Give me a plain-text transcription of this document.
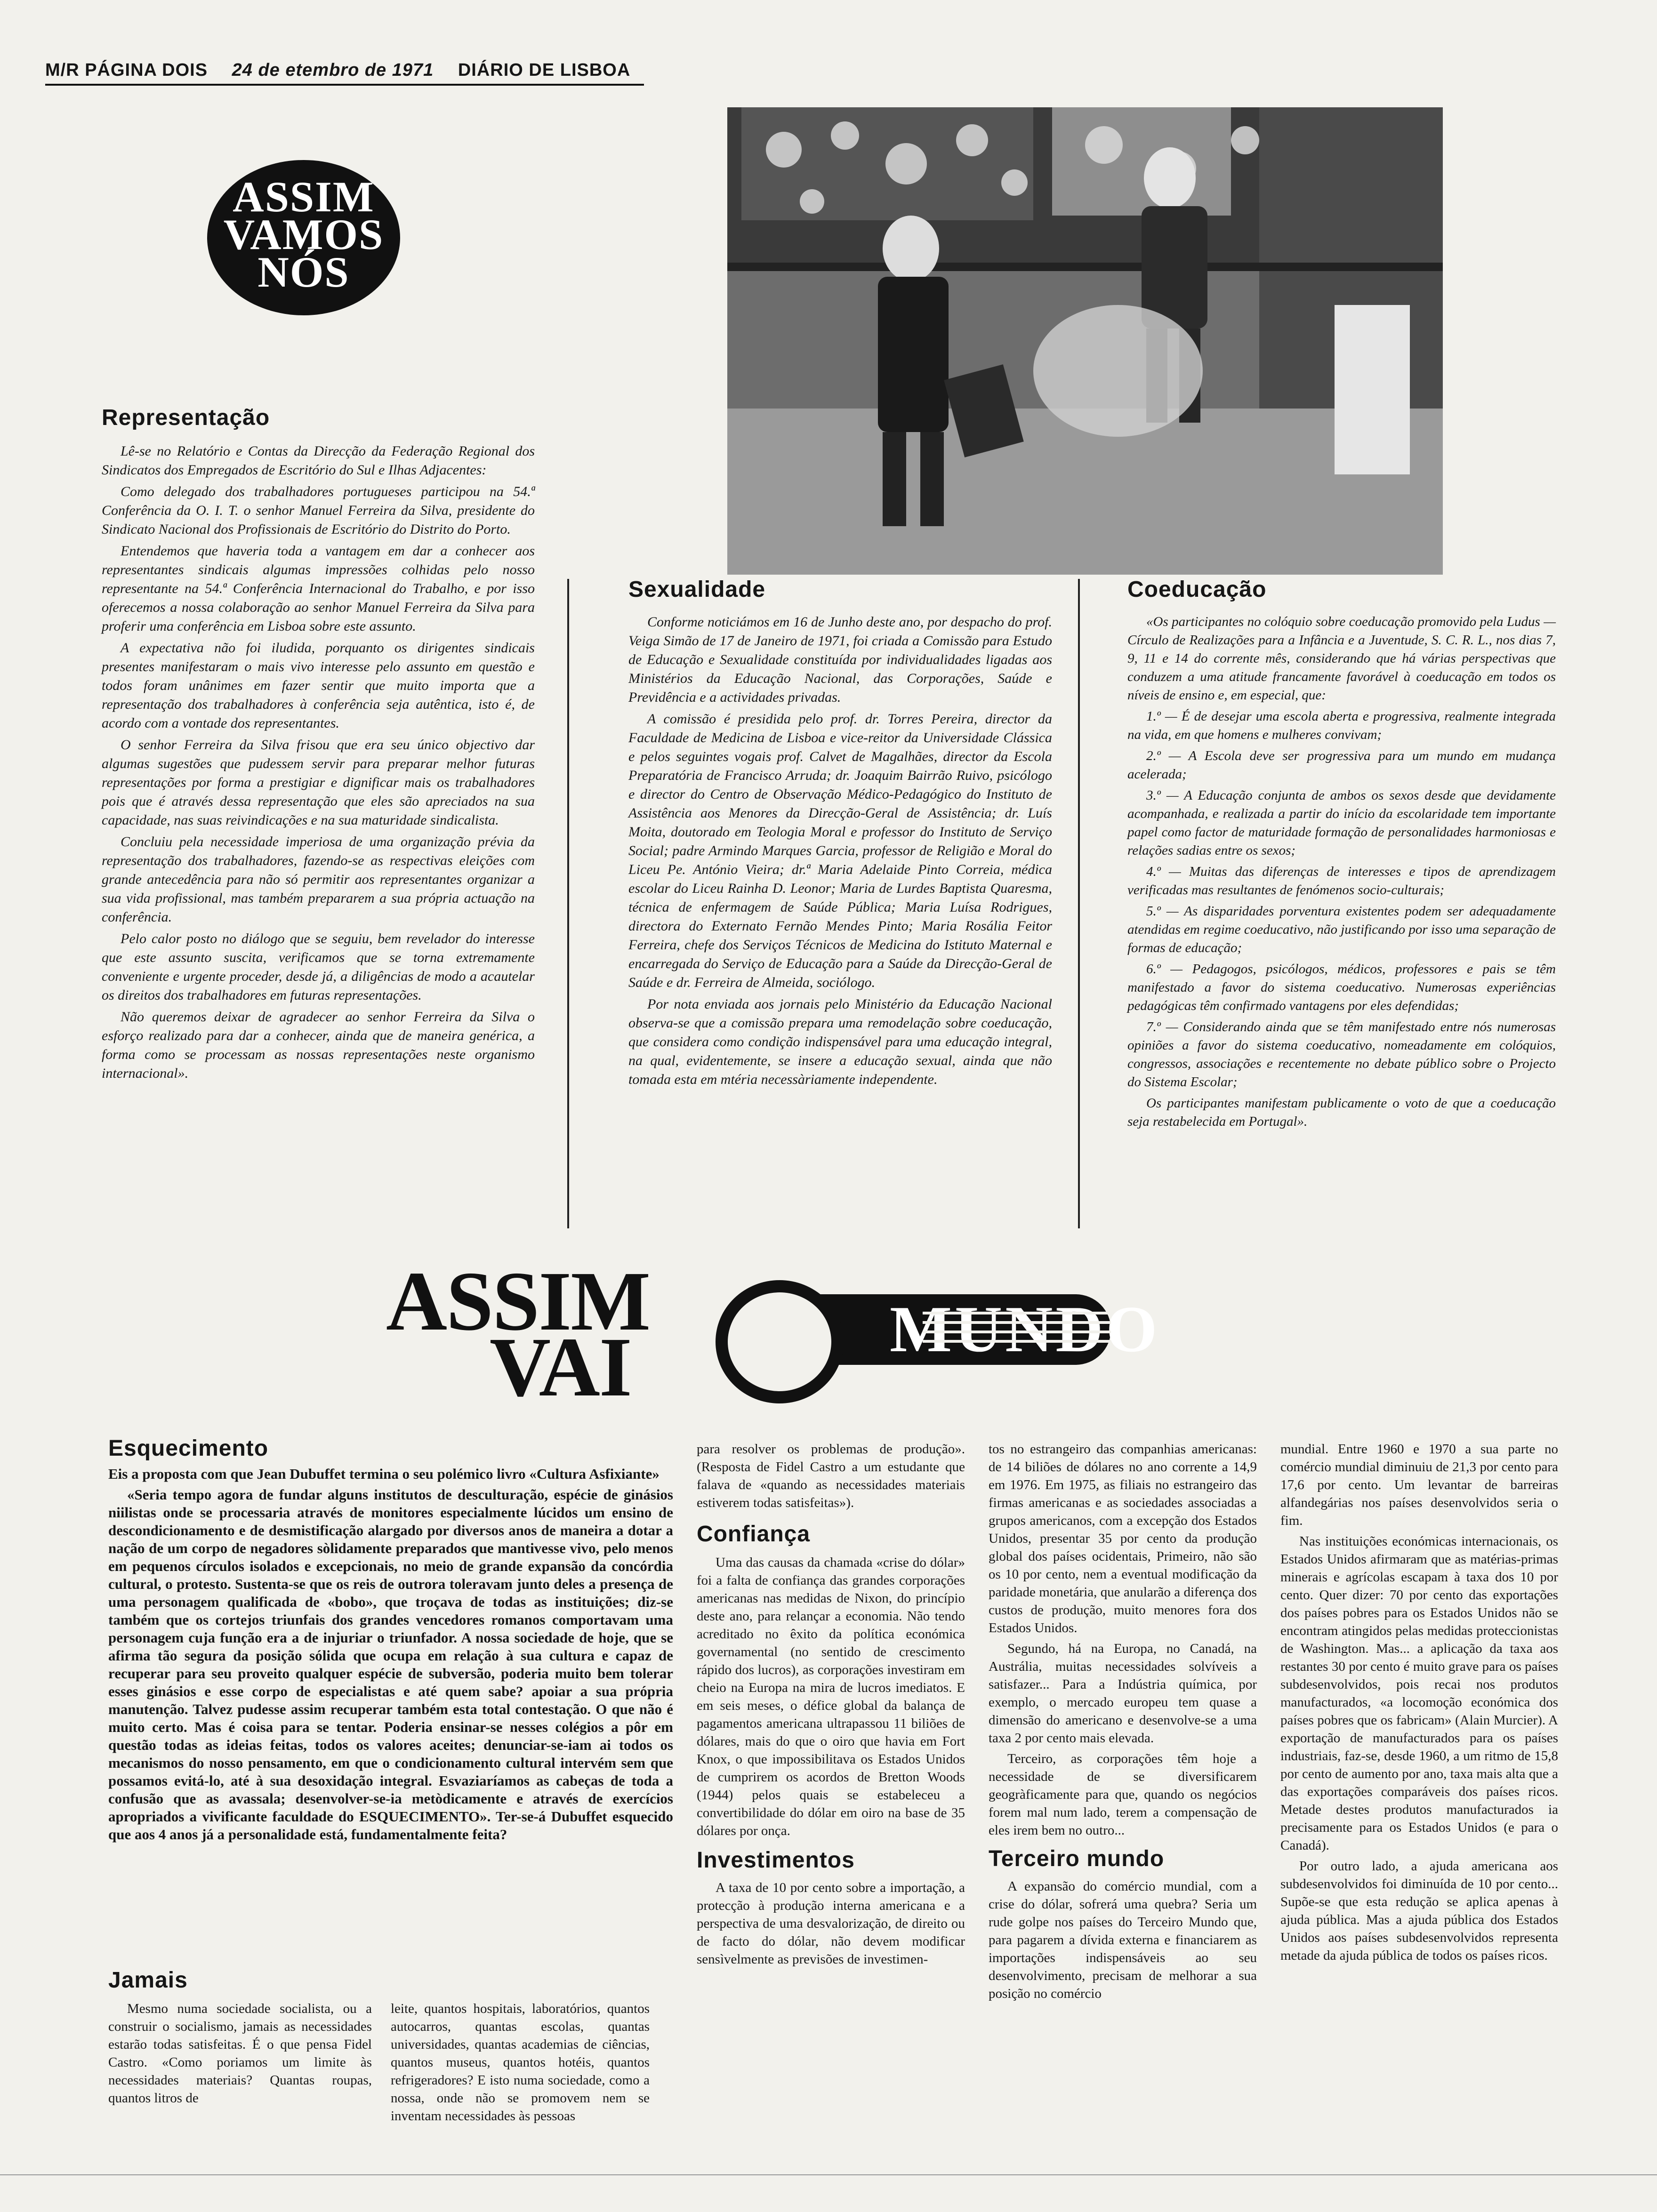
M/R PÁGINA DOIS 24 de etembro de 1971 DIÁRIO DE LISBOA
ASSIM
VAMOS
NÓS
Representação

Lê-se no Relatório e Contas da Direcção da Federação Regional dos Sindicatos dos Empregados de Escritório do Sul e Ilhas Adjacentes:

Como delegado dos trabalhadores portugueses participou na 54.ª Conferência da O. I. T. o senhor Manuel Ferreira da Silva, presidente do Sindicato Nacional dos Profissionais de Escritório do Distrito do Porto.

Entendemos que haveria toda a vantagem em dar a conhecer aos representantes sindicais algumas impressões colhidas pelo nosso representante na 54.ª Conferência Internacional do Trabalho, e por isso oferecemos a nossa colaboração ao senhor Manuel Ferreira da Silva para proferir uma conferência em Lisboa sobre este assunto.

A expectativa não foi iludida, porquanto os dirigentes sindicais presentes manifestaram o mais vivo interesse pelo assunto em questão e todos foram unânimes em fazer sentir que muito importa que a representação dos trabalhadores à conferência seja autêntica, isto é, de acordo com a vontade dos representantes.

O senhor Ferreira da Silva frisou que era seu único objectivo dar algumas sugestões que pudessem servir para preparar melhor futuras representações por forma a prestigiar e dignificar mais os trabalhadores pois que é através dessa representação que eles são apreciados na sua capacidade, nas suas reivindicações e na sua maturidade sindicalista.

Concluiu pela necessidade imperiosa de uma organização prévia da representação dos trabalhadores, fazendo-se as respectivas eleições com grande antecedência para não só permitir aos representantes organizar a sua vida profissional, mas também prepararem a sua própria actuação na conferência.

Pelo calor posto no diálogo que se seguiu, bem revelador do interesse que este assunto suscita, verificamos que se torna extremamente conveniente e urgente proceder, desde já, a diligências de modo a acautelar os direitos dos trabalhadores em futuras representações.

Não queremos deixar de agradecer ao senhor Ferreira da Silva o esforço realizado para dar a conhecer, ainda que de maneira genérica, a forma como se processam as nossas representações neste organismo internacional».

Sexualidade

Conforme noticiámos em 16 de Junho deste ano, por despacho do prof. Veiga Simão de 17 de Janeiro de 1971, foi criada a Comissão para Estudo de Educação e Sexualidade constituída por individualidades ligadas aos Ministérios da Educação Nacional, das Corporações, Saúde e Previdência e a actividades privadas.

A comissão é presidida pelo prof. dr. Torres Pereira, director da Faculdade de Medicina de Lisboa e vice-reitor da Universidade Clássica e pelos seguintes vogais prof. Calvet de Magalhães, director da Escola Preparatória de Francisco Arruda; dr. Joaquim Bairrão Ruivo, psicólogo e director do Centro de Observação Médico-Pedagógico do Instituto de Assistência aos Menores da Direcção-Geral de Assistência; dr. Luís Moita, doutorado em Teologia Moral e professor do Instituto de Serviço Social; padre Armindo Marques Garcia, professor de Religião e Moral do Liceu Pe. António Vieira; dr.ª Maria Adelaide Pinto Correia, médica escolar do Liceu Rainha D. Leonor; Maria de Lurdes Baptista Quaresma, técnica de enfermagem de Saúde Pública; Maria Luísa Rodrigues, directora do Externato Fernão Mendes Pinto; Maria Rosália Feitor Ferreira, chefe dos Serviços Técnicos de Medicina do Istituto Maternal e encarregada do Serviço de Educação para a Saúde da Direcção-Geral de Saúde e dr. Ferreira de Almeida, sociólogo.

Por nota enviada aos jornais pelo Ministério da Educação Nacional observa-se que a comissão prepara uma remodelação sobre coeducação, que considera como condição indispensável para uma educação integral, na qual, evidentemente, se insere a educação sexual, ainda que não tomada esta em mtéria necessàriamente independente.

Coeducação

«Os participantes no colóquio sobre coeducação promovido pela Ludus — Círculo de Realizações para a Infância e a Juventude, S. C. R. L., nos dias 7, 9, 11 e 14 do corrente mês, considerando que há várias perspectivas que conduzem a uma atitude francamente favorável à coeducação em todos os níveis de ensino e, em especial, que:

1.º — É de desejar uma escola aberta e progressiva, realmente integrada na vida, em que homens e mulheres convivam;

2.º — A Escola deve ser progressiva para um mundo em mudança acelerada;

3.º — A Educação conjunta de ambos os sexos desde que devidamente acompanhada, e realizada a partir do início da escolaridade tem importante papel como factor de maturidade formação de personalidades harmoniosas e relações sadias entre os sexos;

4.º — Muitas das diferenças de interesses e tipos de aprendizagem verificadas mas resultantes de fenómenos socio-culturais;

5.º — As disparidades porventura existentes podem ser adequadamente atendidas em regime coeducativo, não justificando por isso uma separação de formas de educação;

6.º — Pedagogos, psicólogos, médicos, professores e pais se têm manifestado a favor do sistema coeducativo. Numerosas experiências pedagógicas têm confirmado vantagens por eles defendidas;

7.º — Considerando ainda que se têm manifestado entre nós numerosas opiniões a favor do sistema coeducativo, nomeadamente em colóquios, congressos, associações e recentemente no debate público sobre o Projecto do Sistema Escolar;

Os participantes manifestam publicamente o voto de que a coeducação seja restabelecida em Portugal».

ASSIM
VAI	MUNDO
Esquecimento

Eis a proposta com que Jean Dubuffet termina o seu polémico livro «Cultura Asfixiante»

«Seria tempo agora de fundar alguns institutos de desculturação, espécie de ginásios niilistas onde se processaria através de monitores especialmente lúcidos um ensino de descondicionamento e de desmistificação alargado por diversos anos de maneira a dotar a nação de um corpo de negadores sòlidamente preparados que mantivesse vivo, pelo menos em pequenos círculos isolados e excepcionais, no meio de grande expansão da concórdia cultural, o protesto. Sustenta-se que os reis de outrora toleravam junto deles a presença de uma personagem qualificada de «bobo», que troçava de todas as instituições; diz-se também que os cortejos triunfais dos grandes vencedores romanos comportavam uma personagem cuja função era a de injuriar o triunfador. A nossa sociedade de hoje, que se afirma tão segura da posição sólida que ocupa em relação à sua cultura e capaz de recuperar para seu proveito qualquer espécie de subversão, poderia muito bem tolerar esses ginásios e esse corpo de especialistas e até quem sabe? apoiar a sua própria manutenção. Talvez pudesse assim recuperar também esta total contestação. O que não é muito certo. Mas é coisa para se tentar. Poderia ensinar-se nesses colégios a pôr em questão todas as ideias feitas, todos os valores aceites; denunciar-se-iam ai todos os mecanismos do nosso pensamento, em que o condicionamento cultural intervém sem que possamos evitá-lo, até à sua desoxidação integral. Esvaziaríamos as cabeças de toda a confusão que as avassala; desenvolver-se-ia metòdicamente e através de exercícios apropriados a vivificante faculdade do ESQUECIMENTO». Ter-se-á Dubuffet esquecido que aos 4 anos já a personalidade está, fundamentalmente feita?

Jamais

Mesmo numa sociedade socialista, ou a construir o socialismo, jamais as necessidades estarão todas satisfeitas. É o que pensa Fidel Castro. «Como poriamos um limite às necessidades materiais? Quantas roupas, quantos litros de

leite, quantos hospitais, laboratórios, quantos autocarros, quantas escolas, quantas universidades, quantas academias de ciências, quantos museus, quantos hotéis, quantos refrigeradores? E isto numa sociedade, como a nossa, onde não se promovem nem se inventam necessidades às pessoas

para resolver os problemas de produção». (Resposta de Fidel Castro a um estudante que falava de «quando as necessidades materiais estiverem todas satisfeitas»).

Confiança

Uma das causas da chamada «crise do dólar» foi a falta de confiança das grandes corporações americanas nas medidas de Nixon, do princípio deste ano, para relançar a economia. Não tendo acreditado no êxito da política económica governamental (no sentido de crescimento rápido dos lucros), as corporações investiram em cheio na Europa na mira de lucros imediatos. E em seis meses, o défice global da balança de pagamentos americana ultrapassou 11 biliões de dólares, mais do que o oiro que havia em Fort Knox, o que impossibilitava os Estados Unidos de cumprirem os acordos de Bretton Woods (1944) pelos quais se estabeleceu a convertibilidade do dólar em oiro na base de 35 dólares por onça.

Investimentos

A taxa de 10 por cento sobre a importação, a protecção à produção interna americana e a perspectiva de uma desvalorização, de direito ou de facto do dólar, não devem modificar sensìvelmente as previsões de investimen-

tos no estrangeiro das companhias americanas: de 14 biliões de dólares no ano corrente a 14,9 em 1976. Em 1975, as filiais no estrangeiro das firmas americanas e as sociedades associadas a grupos americanos, com a excepção dos Estados Unidos, presentar 35 por cento da produção global dos países ocidentais, Primeiro, não são os 10 por cento, nem a eventual modificação da paridade monetária, que anularão a diferença dos custos de produção, muito menores fora dos Estados Unidos.

Segundo, há na Europa, no Canadá, na Austrália, muitas necessidades solvíveis a satisfazer... Para a Indústria química, por exemplo, o mercado europeu tem quase a dimensão do americano e desenvolve-se a uma taxa 2 por cento mais elevada.

Terceiro, as corporações têm hoje a necessidade de se diversificarem geogràficamente para que, quando os negócios forem mal num lado, terem a compensação de eles irem bem no outro...

Terceiro mundo

A expansão do comércio mundial, com a crise do dólar, sofrerá uma quebra? Seria um rude golpe nos países do Terceiro Mundo que, para pagarem a dívida externa e financiarem as importações indispensáveis ao seu desenvolvimento, precisam de melhorar a sua posição no comércio

mundial. Entre 1960 e 1970 a sua parte no comércio mundial diminuiu de 21,3 por cento para 17,6 por cento. Um levantar de barreiras alfandegárias nos países desenvolvidos seria o fim.

Nas instituições económicas internacionais, os Estados Unidos afirmaram que as matérias-primas minerais e agrícolas escapam à taxa dos 10 por cento. Quer dizer: 70 por cento das exportações dos países pobres para os Estados Unidos não se encontram atingidos pelas medidas proteccionistas de Washington. Mas... a aplicação da taxa aos restantes 30 por cento é muito grave para os países subdesenvolvidos, pois recai nos produtos manufacturados, «a locomoção económica dos países pobres que os fabricam» (Alain Murcier). A exportação de manufacturados para os países industriais, faz-se, desde 1960, a um ritmo de 15,8 por cento de aumento por ano, taxa mais alta que a das exportações comparáveis dos países ricos. Metade destes produtos manufacturados ia precisamente para os Estados Unidos (e para o Canadá).

Por outro lado, a ajuda americana aos subdesenvolvidos foi diminuída de 10 por cento... Supõe-se que esta redução se aplica apenas à ajuda pública. Mas a ajuda pública dos Estados Unidos aos países subdesenvolvidos representa metade da ajuda pública de todos os países ricos.
